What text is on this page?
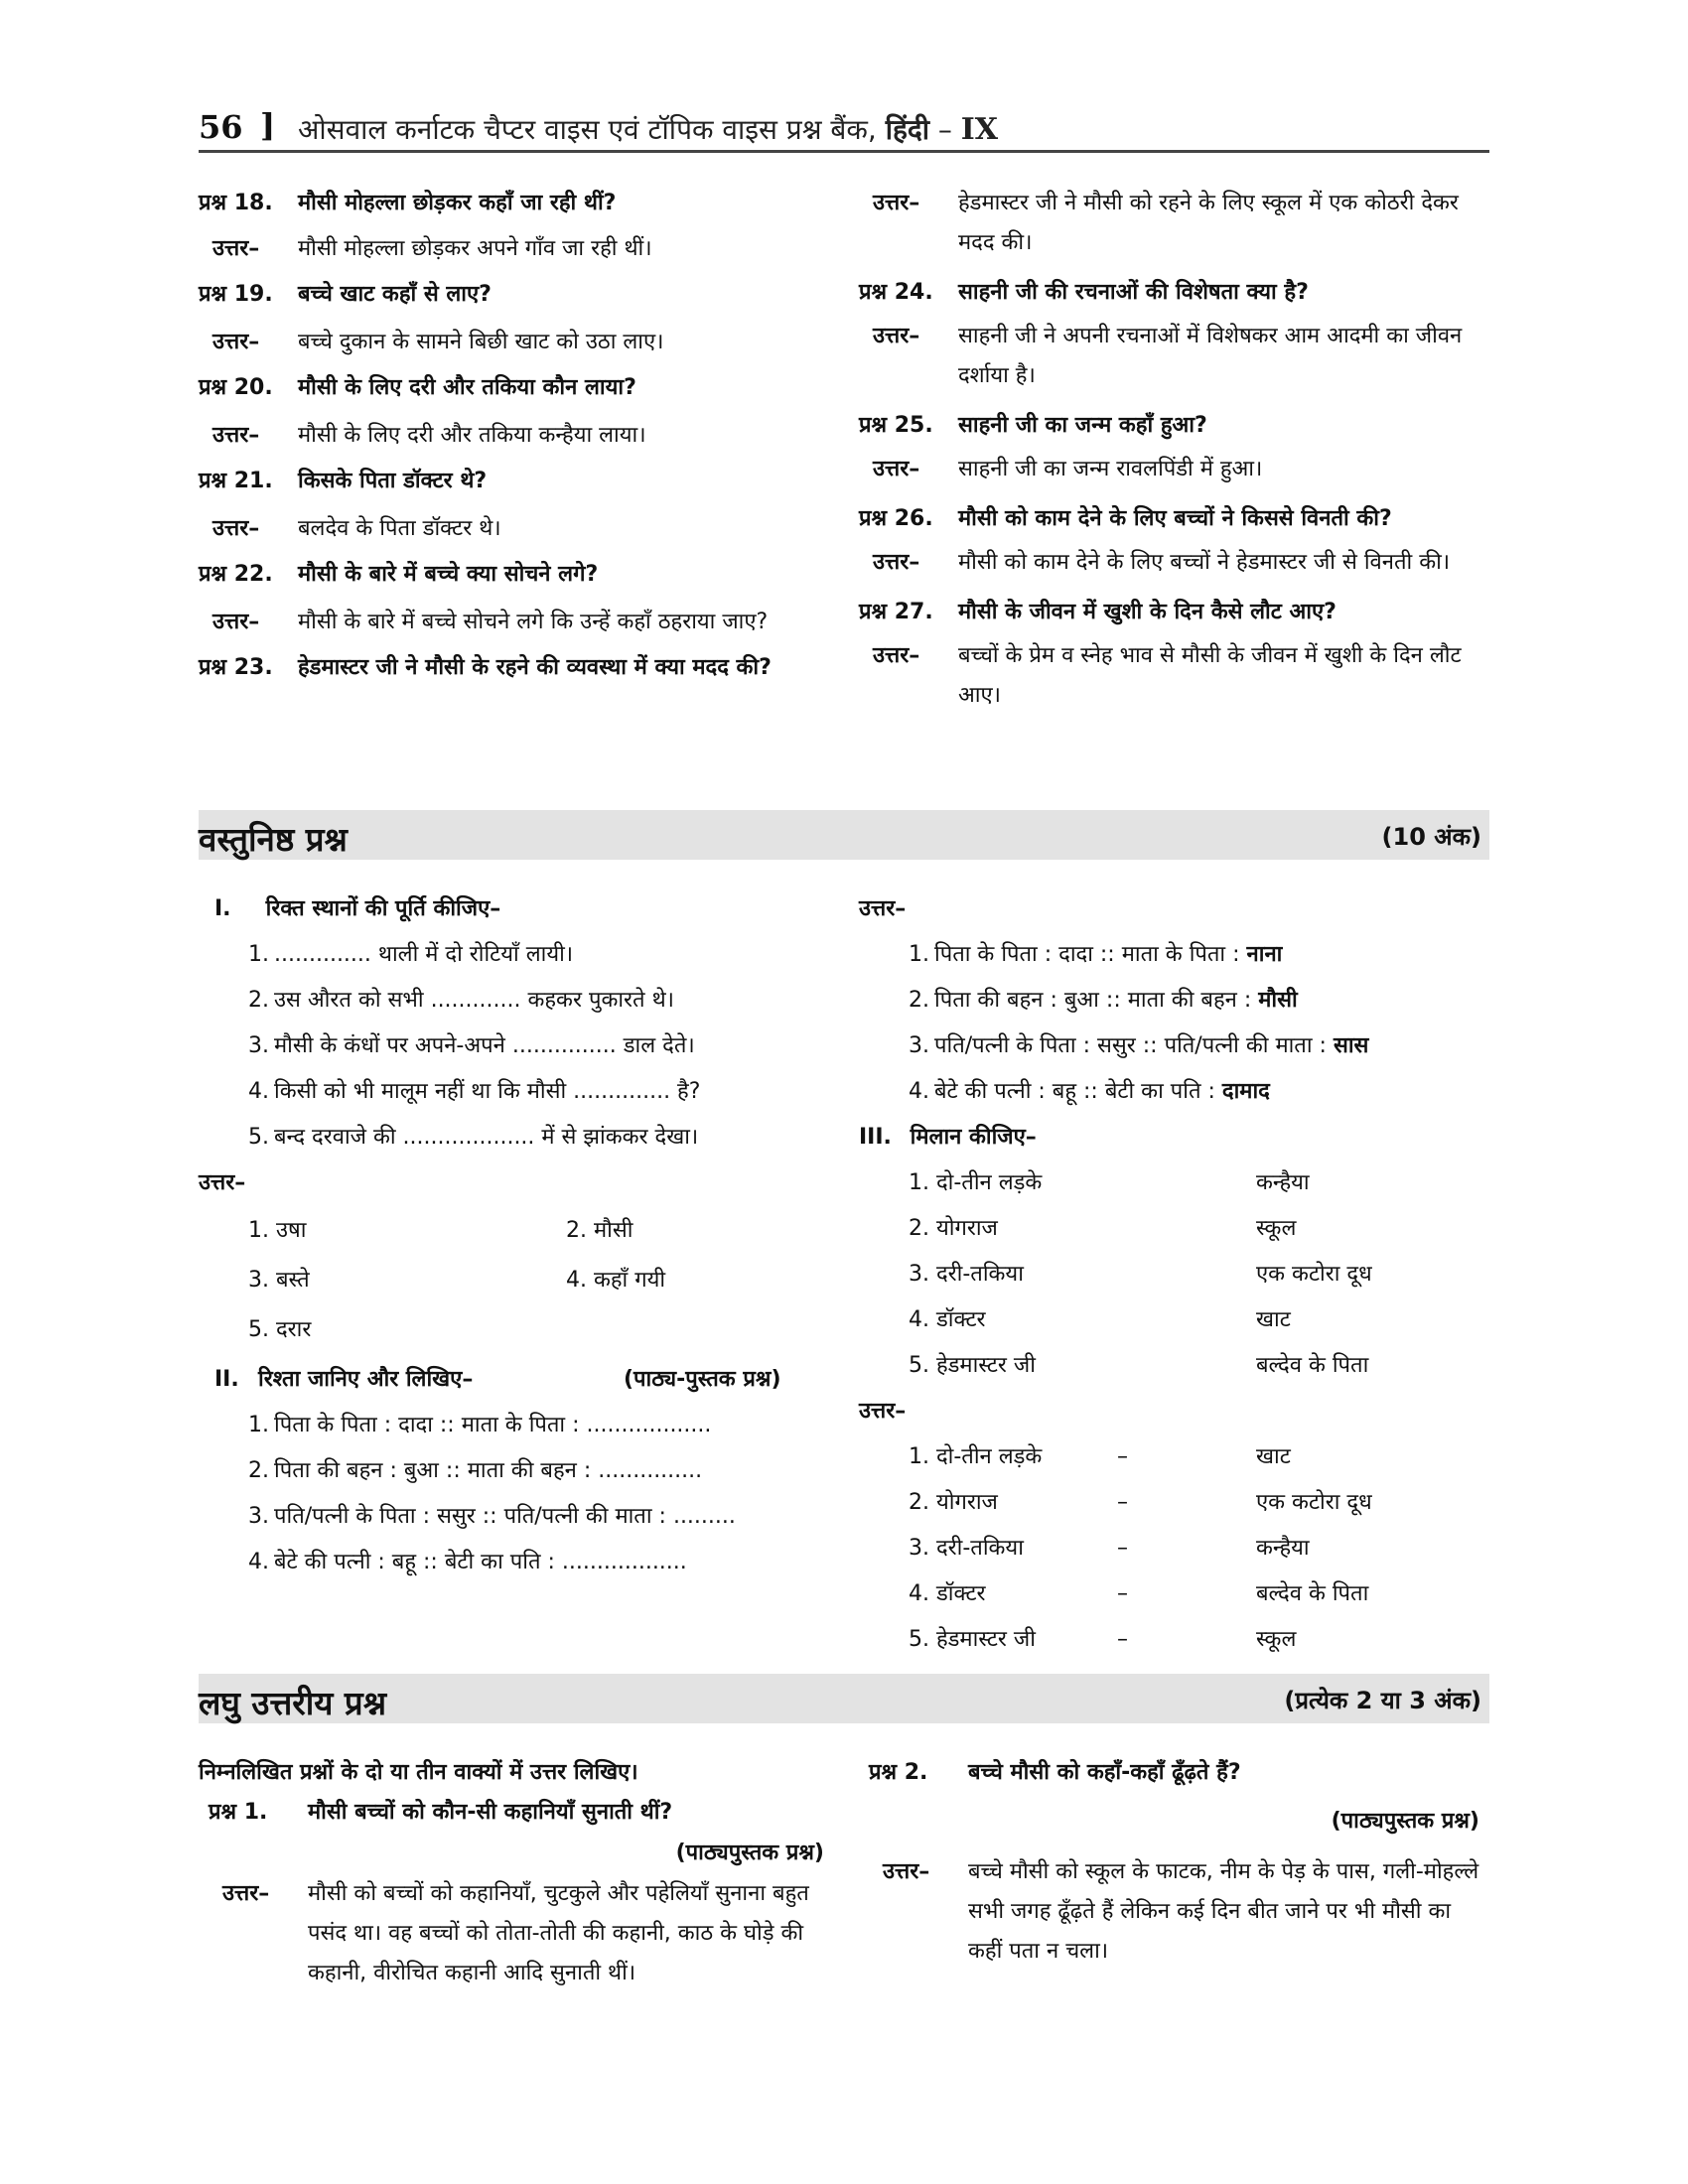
56 ] ओसवाल कर्नाटक चैप्टर वाइस एवं टॉपिक वाइस प्रश्न बैंक, हिंदी – IX
प्रश्न 18.	मौसी मोहल्ला छोड़कर कहाँ जा रही थीं?
उत्तर–	मौसी मोहल्ला छोड़कर अपने गाँव जा रही थीं।
प्रश्न 19.	बच्चे खाट कहाँ से लाए?
उत्तर–	बच्चे दुकान के सामने बिछी खाट को उठा लाए।
प्रश्न 20.	मौसी के लिए दरी और तकिया कौन लाया?
उत्तर–	मौसी के लिए दरी और तकिया कन्हैया लाया।
प्रश्न 21.	किसके पिता डॉक्टर थे?
उत्तर–	बलदेव के पिता डॉक्टर थे।
प्रश्न 22.	मौसी के बारे में बच्चे क्या सोचने लगे?
उत्तर–	मौसी के बारे में बच्चे सोचने लगे कि उन्हें कहाँ ठहराया जाए?
प्रश्न 23.	हेडमास्टर जी ने मौसी के रहने की व्यवस्था में क्या मदद की?
उत्तर–	हेडमास्टर जी ने मौसी को रहने के लिए स्कूल में एक कोठरी देकर मदद की।
प्रश्न 24.	साहनी जी की रचनाओं की विशेषता क्या है?
उत्तर–	साहनी जी ने अपनी रचनाओं में विशेषकर आम आदमी का जीवन दर्शाया है।
प्रश्न 25.	साहनी जी का जन्म कहाँ हुआ?
उत्तर–	साहनी जी का जन्म रावलपिंडी में हुआ।
प्रश्न 26.	मौसी को काम देने के लिए बच्चों ने किससे विनती की?
उत्तर–	मौसी को काम देने के लिए बच्चों ने हेडमास्टर जी से विनती की।
प्रश्न 27.	मौसी के जीवन में खुशी के दिन कैसे लौट आए?
उत्तर–	बच्चों के प्रेम व स्नेह भाव से मौसी के जीवन में खुशी के दिन लौट आए।
वस्तुनिष्ठ प्रश्न	(10 अंक)
I. रिक्त स्थानों की पूर्ति कीजिए–
1. .............. थाली में दो रोटियाँ लायी।
2. उस औरत को सभी ............. कहकर पुकारते थे।
3. मौसी के कंधों पर अपने-अपने ............... डाल देते।
4. किसी को भी मालूम नहीं था कि मौसी .............. है?
5. बन्द दरवाजे की ................... में से झांककर देखा।
उत्तर–
1. उषा	2. मौसी
3. बस्ते	4. कहाँ गयी
5. दरार
II. रिश्ता जानिए और लिखिए–	(पाठ्य-पुस्तक प्रश्न)
1. पिता के पिता : दादा :: माता के पिता : ..................
2. पिता की बहन : बुआ :: माता की बहन : ...............
3. पति/पत्नी के पिता : ससुर :: पति/पत्नी की माता : .........
4. बेटे की पत्नी : बहू :: बेटी का पति : ..................
उत्तर–
1. पिता के पिता : दादा :: माता के पिता : नाना
2. पिता की बहन : बुआ :: माता की बहन : मौसी
3. पति/पत्नी के पिता : ससुर :: पति/पत्नी की माता : सास
4. बेटे की पत्नी : बहू :: बेटी का पति : दामाद
III. मिलान कीजिए–
1. दो-तीन लड़के	कन्हैया
2. योगराज	स्कूल
3. दरी-तकिया	एक कटोरा दूध
4. डॉक्टर	खाट
5. हेडमास्टर जी	बल्देव के पिता
उत्तर–
1. दो-तीन लड़के	–	खाट
2. योगराज	–	एक कटोरा दूध
3. दरी-तकिया	–	कन्हैया
4. डॉक्टर	–	बल्देव के पिता
5. हेडमास्टर जी	–	स्कूल
लघु उत्तरीय प्रश्न	(प्रत्येक 2 या 3 अंक)
निम्नलिखित प्रश्नों के दो या तीन वाक्यों में उत्तर लिखिए।
प्रश्न 1.	मौसी बच्चों को कौन-सी कहानियाँ सुनाती थीं?
(पाठ्यपुस्तक प्रश्न)
उत्तर–	मौसी को बच्चों को कहानियाँ, चुटकुले और पहेलियाँ सुनाना बहुत पसंद था। वह बच्चों को तोता-तोती की कहानी, काठ के घोड़े की कहानी, वीरोचित कहानी आदि सुनाती थीं।
प्रश्न 2.	बच्चे मौसी को कहाँ-कहाँ ढूँढ़ते हैं?
(पाठ्यपुस्तक प्रश्न)
उत्तर–	बच्चे मौसी को स्कूल के फाटक, नीम के पेड़ के पास, गली-मोहल्ले सभी जगह ढूँढ़ते हैं लेकिन कई दिन बीत जाने पर भी मौसी का कहीं पता न चला।
